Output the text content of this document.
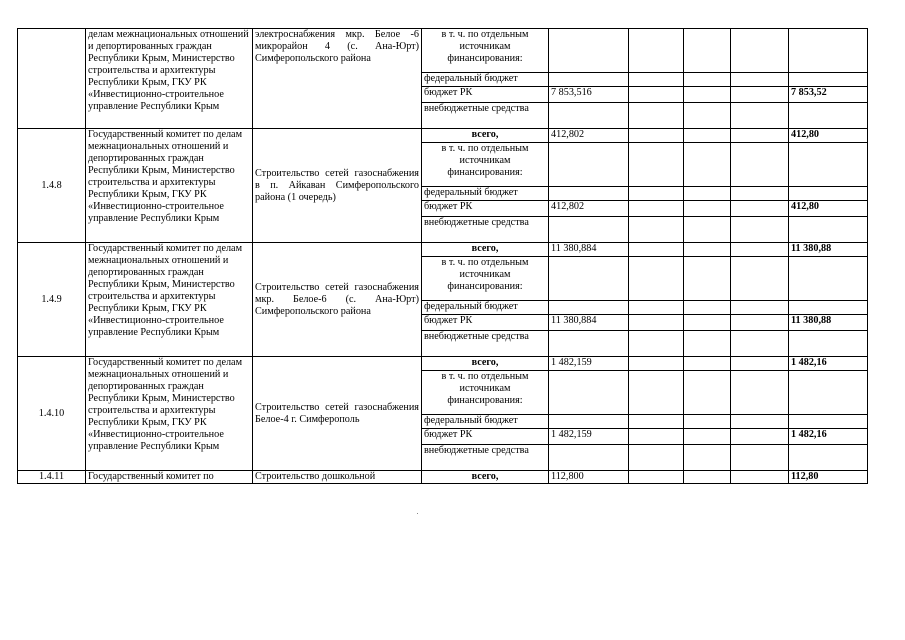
	делам межнациональных отношений и депортированных граждан Республики Крым, Министерство строительства и архитектуры Республики Крым, ГКУ РК «Инвестиционно-строительное управление Республики Крым	электроснабжения мкр. Белое -6 микрорайон 4 (с. Ана-Юрт) Симферопольского района	в т. ч. по отдельным источникам финансирования:					
			федеральный бюджет					
			бюджет РК	7 853,516				7 853,52
			внебюджетные средства					
1.4.8	Государственный комитет по делам межнациональных отношений и депортированных граждан Республики Крым, Министерство строительства и архитектуры Республики Крым, ГКУ РК «Инвестиционно-строительное управление Республики Крым	Строительство сетей газоснабжения в п. Айкаван Симферопольского района (1 очередь)	всего,	412,802				412,80
			в т. ч. по отдельным источникам финансирования:					
			федеральный бюджет					
			бюджет РК	412,802				412,80
			внебюджетные средства					
1.4.9	Государственный комитет по делам межнациональных отношений и депортированных граждан Республики Крым, Министерство строительства и архитектуры Республики Крым, ГКУ РК «Инвестиционно-строительное управление Республики Крым	Строительство сетей газоснабжения мкр. Белое-6 (с. Ана-Юрт) Симферопольского района	всего,	11 380,884				11 380,88
			в т. ч. по отдельным источникам финансирования:					
			федеральный бюджет					
			бюджет РК	11 380,884				11 380,88
			внебюджетные средства					
1.4.10	Государственный комитет по делам межнациональных отношений и депортированных граждан Республики Крым, Министерство строительства и архитектуры Республики Крым, ГКУ РК «Инвестиционно-строительное управление Республики Крым	Строительство сетей газоснабжения Белое-4 г. Симферополь	всего,	1 482,159				1 482,16
			в т. ч. по отдельным источникам финансирования:					
			федеральный бюджет					
			бюджет РК	1 482,159				1 482,16
			внебюджетные средства					
1.4.11	Государственный комитет по	Строительство дошкольной	всего,	112,800				112,80
